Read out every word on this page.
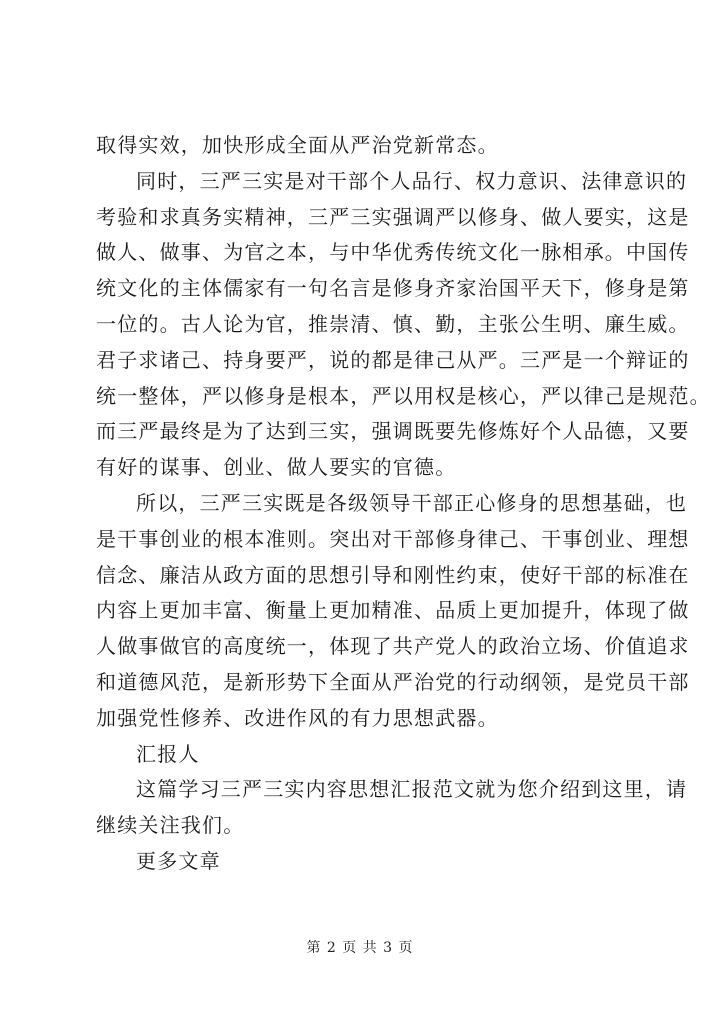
取得实效，加快形成全面从严治党新常态。
同时，三严三实是对干部个人品行、权力意识、法律意识的
考验和求真务实精神，三严三实强调严以修身、做人要实，这是
做人、做事、为官之本，与中华优秀传统文化一脉相承。中国传
统文化的主体儒家有一句名言是修身齐家治国平天下，修身是第
一位的。古人论为官，推崇清、慎、勤，主张公生明、廉生威。
君子求诸己、持身要严，说的都是律己从严。三严是一个辩证的
统一整体，严以修身是根本，严以用权是核心，严以律己是规范。
而三严最终是为了达到三实，强调既要先修炼好个人品德，又要
有好的谋事、创业、做人要实的官德。
所以，三严三实既是各级领导干部正心修身的思想基础，也
是干事创业的根本准则。突出对干部修身律己、干事创业、理想
信念、廉洁从政方面的思想引导和刚性约束，使好干部的标准在
内容上更加丰富、衡量上更加精准、品质上更加提升，体现了做
人做事做官的高度统一，体现了共产党人的政治立场、价值追求
和道德风范，是新形势下全面从严治党的行动纲领，是党员干部
加强党性修养、改进作风的有力思想武器。
汇报人
这篇学习三严三实内容思想汇报范文就为您介绍到这里，请
继续关注我们。
更多文章
第 2 页 共 3 页
